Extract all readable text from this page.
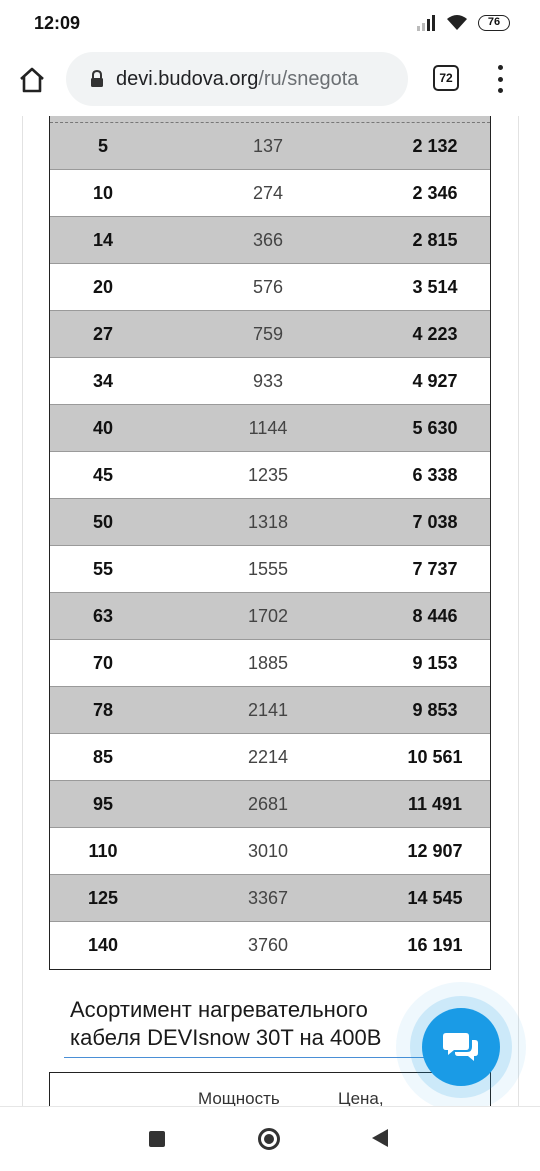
12:09	76
devi.budova.org/ru/snegota	72
5	137	2 132
10	274	2 346
14	366	2 815
20	576	3 514
27	759	4 223
34	933	4 927
40	1144	5 630
45	1235	6 338
50	1318	7 038
55	1555	7 737
63	1702	8 446
70	1885	9 153
78	2141	9 853
85	2214	10 561
95	2681	11 491
110	3010	12 907
125	3367	14 545
140	3760	16 191
Асортимент нагревательного
кабеля DEVIsnow 30T на 400В
Мощность	Цена,
